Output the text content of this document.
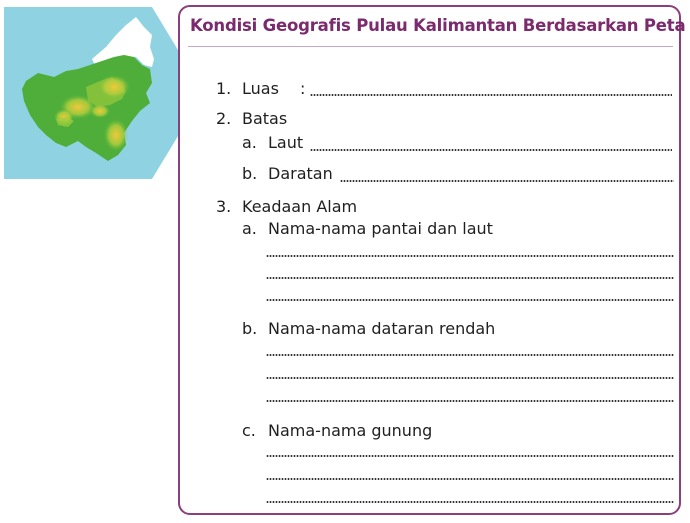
Kondisi Geografis Pulau Kalimantan Berdasarkan Peta
1. Luas :
2. Batas
a. Laut
b. Daratan
3. Keadaan Alam
a. Nama-nama pantai dan laut
b. Nama-nama dataran rendah
c. Nama-nama gunung
